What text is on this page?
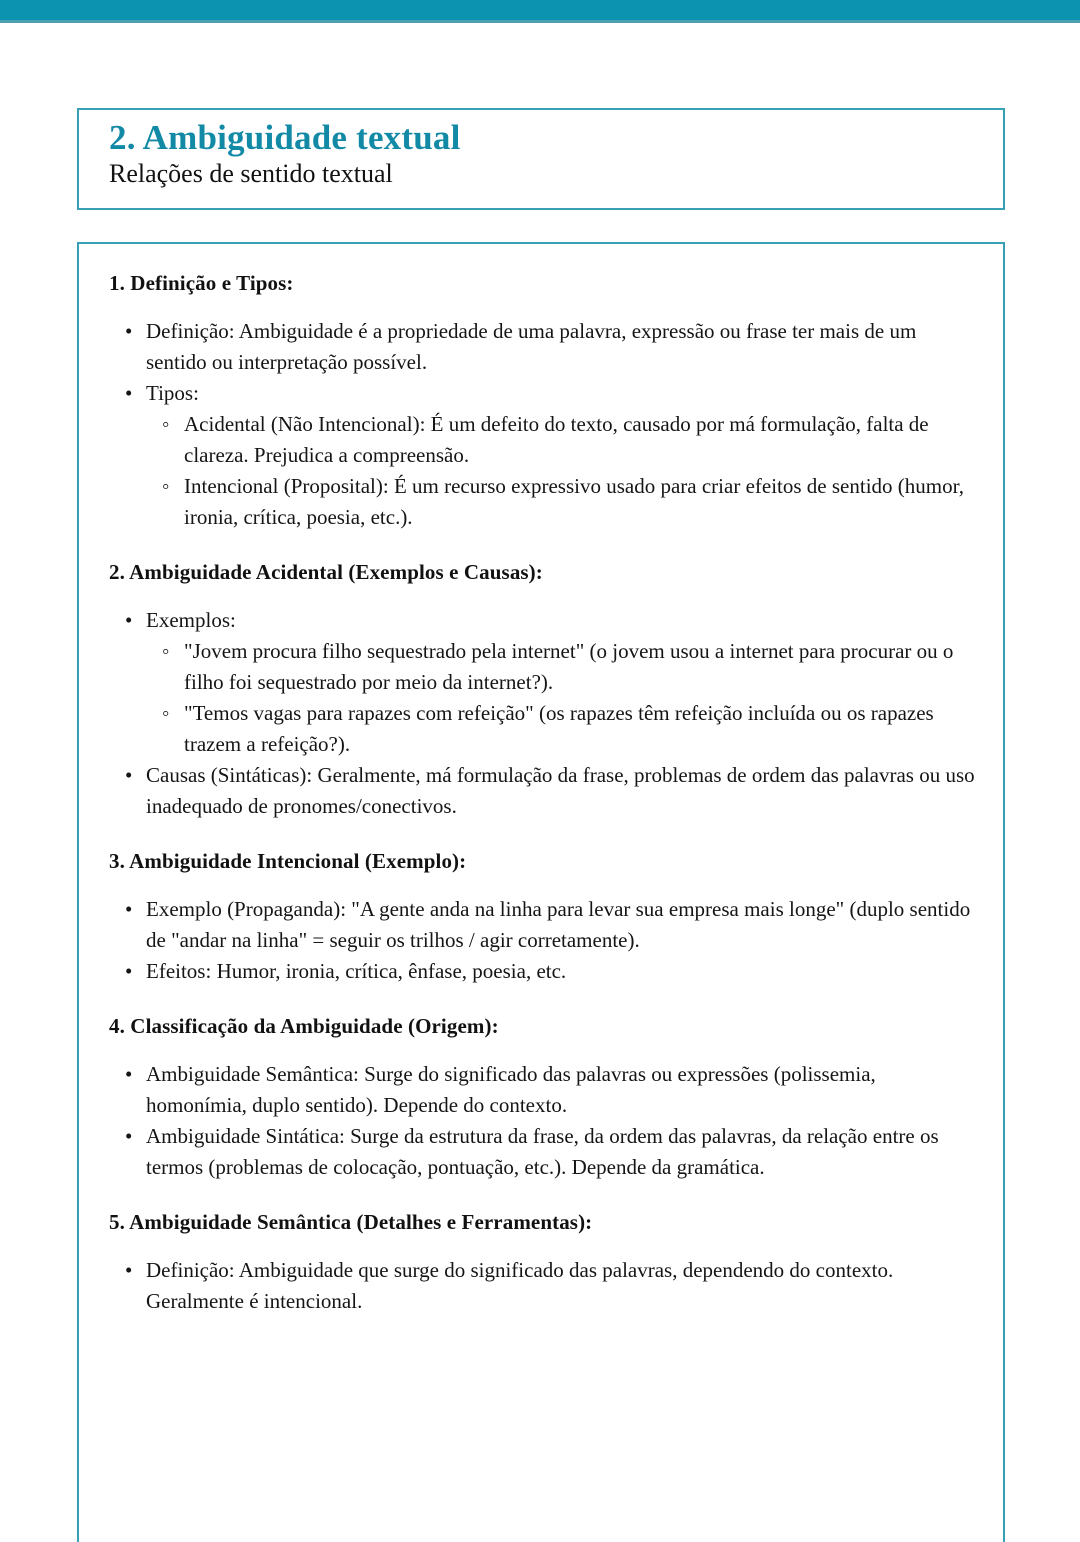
2. Ambiguidade textual
Relações de sentido textual
1. Definição e Tipos:
• Definição: Ambiguidade é a propriedade de uma palavra, expressão ou frase ter mais de um sentido ou interpretação possível.
• Tipos:
◦ Acidental (Não Intencional): É um defeito do texto, causado por má formulação, falta de clareza. Prejudica a compreensão.
◦ Intencional (Proposital): É um recurso expressivo usado para criar efeitos de sentido (humor, ironia, crítica, poesia, etc.).
2. Ambiguidade Acidental (Exemplos e Causas):
• Exemplos:
◦ "Jovem procura filho sequestrado pela internet" (o jovem usou a internet para procurar ou o filho foi sequestrado por meio da internet?).
◦ "Temos vagas para rapazes com refeição" (os rapazes têm refeição incluída ou os rapazes trazem a refeição?).
• Causas (Sintáticas): Geralmente, má formulação da frase, problemas de ordem das palavras ou uso inadequado de pronomes/conectivos.
3. Ambiguidade Intencional (Exemplo):
• Exemplo (Propaganda): "A gente anda na linha para levar sua empresa mais longe" (duplo sentido de "andar na linha" = seguir os trilhos / agir corretamente).
• Efeitos: Humor, ironia, crítica, ênfase, poesia, etc.
4. Classificação da Ambiguidade (Origem):
• Ambiguidade Semântica: Surge do significado das palavras ou expressões (polissemia, homonímia, duplo sentido). Depende do contexto.
• Ambiguidade Sintática: Surge da estrutura da frase, da ordem das palavras, da relação entre os termos (problemas de colocação, pontuação, etc.). Depende da gramática.
5. Ambiguidade Semântica (Detalhes e Ferramentas):
• Definição: Ambiguidade que surge do significado das palavras, dependendo do contexto. Geralmente é intencional.
